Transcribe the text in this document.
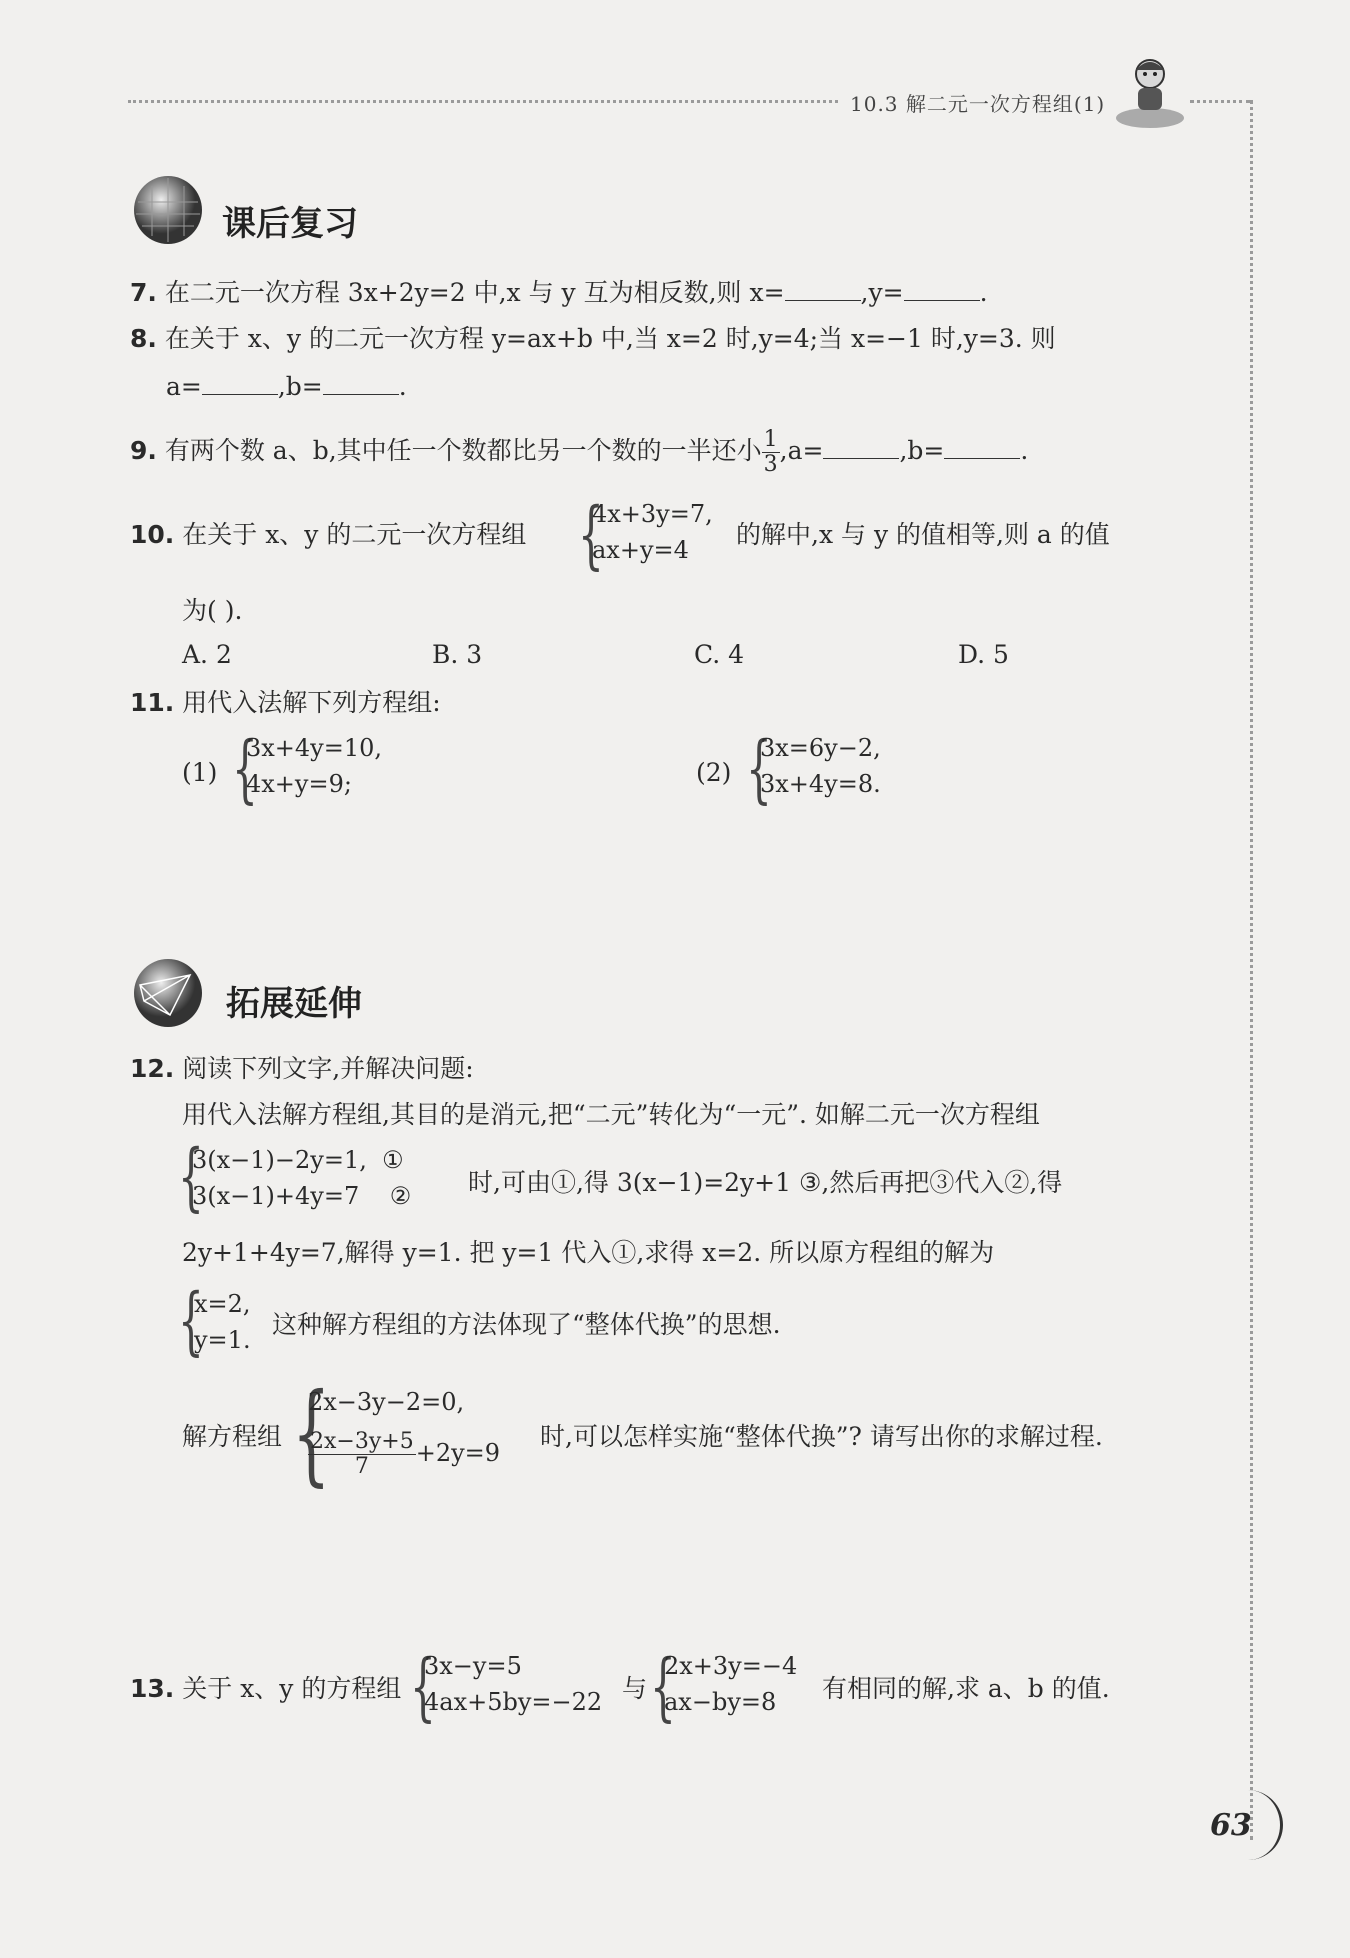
10.3 解二元一次方程组(1)
课后复习
7. 在二元一次方程 3x+2y=2 中,x 与 y 互为相反数,则 x=	,y=	.
8. 在关于 x、y 的二元一次方程 y=ax+b 中,当 x=2 时,y=4;当 x=−1 时,y=3. 则
a=	,b=	.
9. 有两个数 a、b,其中任一个数都比另一个数的一半还小 $\frac{1}{3} ,a=$	,b=	.
10. 在关于 x、y 的二元一次方程组 {
4x+3y=7,
ax+y=4
的解中,x 与 y 的值相等,则 a 的值
为( ).
A. 2	B. 3	C. 4	D. 5
11. 用代入法解下列方程组:
(1) {
3x+4y=10,
4x+y=9;	(2) {
3x=6y−2,
3x+4y=8.
拓展延伸
12. 阅读下列文字,并解决问题:
用代入法解方程组,其目的是消元,把“二元”转化为“一元”. 如解二元一次方程组
{
3(x−1)−2y=1, ①
3(x−1)+4y=7 ② 时,可由①,得 3(x−1)=2y+1 ③,然后再把③代入②,得
2y+1+4y=7,解得 y=1. 把 y=1 代入①,求得 x=2. 所以原方程组的解为
{
x=2,
y=1.
这种解方程组的方法体现了“整体代换”的思想.
解方程组 {
2x−3y−2=0,
$\frac{2x-3y+5}{7} +2y=9$
时,可以怎样实施“整体代换”? 请写出你的求解过程.
13. 关于 x、y 的方程组 {
3x−y=5
4ax+5by=−22 与 {
2x+3y=−4
ax−by=8	有相同的解,求 a、b 的值.
63
